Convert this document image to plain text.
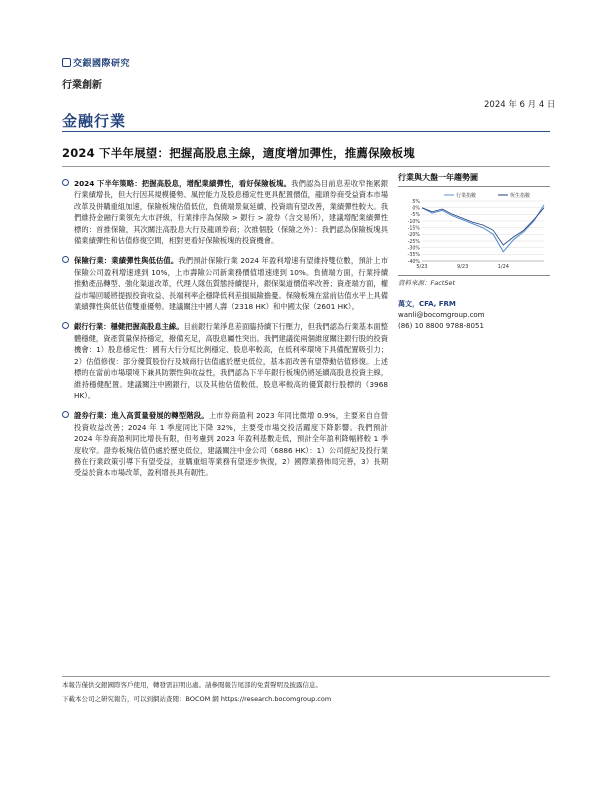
交銀國際研究
行業創新
2024 年 6 月 4 日
金融行業
2024 下半年展望：把握高股息主線，適度增加彈性，推薦保險板塊
2024 下半年策略：把握高股息，增配業績彈性，看好保險板塊。我們認為目前息差收窄拖累銀行業績增長，但大行因其規模優勢、風控能力及股息穩定性更具配置價值，龍頭券商受益資本市場改革及併購重組加速，保險板塊估值低位，負債端景氣延續、投資端有望改善，業績彈性較大。我們維持金融行業領先大市評級，行業排序為保險 > 銀行 > 證券（含交易所），建議增配業績彈性標的：首推保險，其次關注高股息大行及龍頭券商；次推個股（保險之外）：我們認為保險板塊具備業績彈性和估值修復空間，相對更看好保險板塊的投資機會。
保險行業：業績彈性與低估值。我們預計保險行業 2024 年盈利增速有望維持雙位數，預計上市保險公司盈利增速達到 10%，上市壽險公司新業務價值增速達到 10%。負債端方面，行業持續推動產品轉型、強化渠道改革，代理人隊伍質態持續提升，銀保渠道價值率改善；資產端方面，權益市場回暖將提振投資收益、長端利率企穩降低利差損風險擔憂。保險板塊在當前估值水平上具備業績彈性與低估值雙重優勢。建議關注中國人壽（2318 HK）和中國太保（2601 HK）。
銀行行業：穩健把握高股息主線。目前銀行業淨息差面臨持續下行壓力，但我們認為行業基本面整體穩健，資產質量保持穩定，撥備充足，高股息屬性突出。我們建議從兩個維度關注銀行股的投資機會：1）股息穩定性：國有大行分紅比例穩定、股息率較高，在低利率環境下具備配置吸引力；2）估值修復：部分優質股份行及城商行估值處於歷史低位，基本面改善有望帶動估值修復。上述標的在當前市場環境下兼具防禦性與收益性，我們認為下半年銀行板塊仍將延續高股息投資主線，維持穩健配置。建議關注中國銀行，以及其他估值較低、股息率較高的優質銀行股標的（3968 HK）。
證券行業：進入高質量發展的轉型階段。上市券商盈利 2023 年同比微增 0.9%，主要來自自營投資收益改善；2024 年 1 季度同比下降 32%，主要受市場交投活躍度下降影響。我們預計 2024 年券商盈利同比增長有限，但考慮到 2023 年盈利基數走低，預計全年盈利降幅將較 1 季度收窄。證券板塊估值仍處於歷史低位，建議關注中金公司（6886 HK）：1）公司經紀及投行業務在行業政策引導下有望受益，並購重組等業務有望逐步恢復，2）國際業務佈局完善，3）長期受益於資本市場改革，盈利增長具有韌性。
行業與大盤一年趨勢圖
5%
0%
-5%
-10%
-15%
-20%
-25%
-30%
-35%
-40%
5/23	9/23	1/24
行業指數	恆生指數
資料來源：FactSet
萬文，CFA, FRM
wanli@bocomgroup.com
(86) 10 8800 9788-8051
本報告僅供交銀國際客戶使用，轉發需註明出處。請參閱報告尾部的免責聲明及披露信息。
下載本公司之研究報告，可以到網站查閱：BOCOM 網 https://research.bocomgroup.com
